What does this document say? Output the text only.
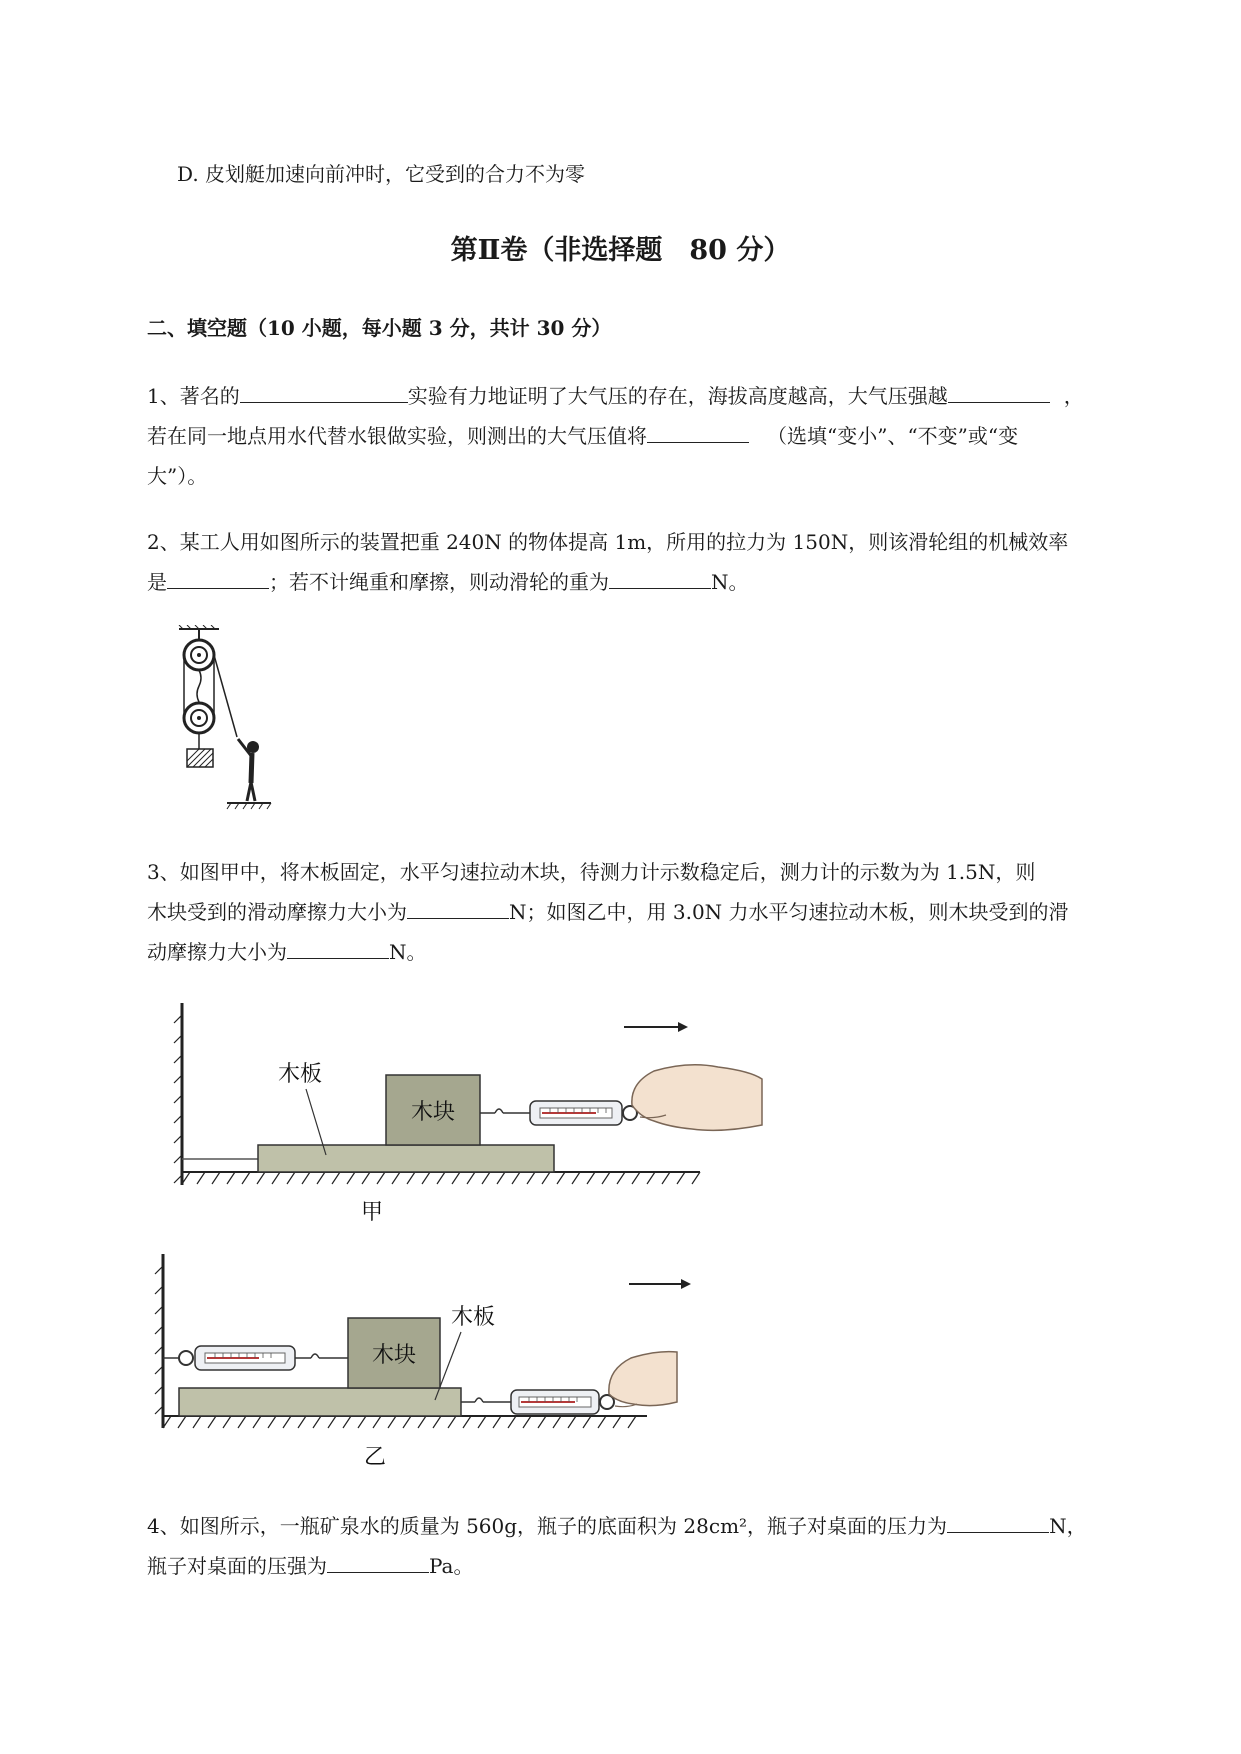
D. 皮划艇加速向前冲时，它受到的合力不为零
第Ⅱ卷（非选择题　80 分）
二、填空题（10 小题，每小题 3 分，共计 30 分）
1、著名的	实验有力地证明了大气压的存在，海拔高度越高，大气压强越	，
若在同一地点用水代替水银做实验，则测出的大气压值将	（选填“变小”、“不变”或“变
大”）。
2、某工人用如图所示的装置把重 240N 的物体提高 1m，所用的拉力为 150N，则该滑轮组的机械效率
是	；若不计绳重和摩擦，则动滑轮的重为	N。
3、如图甲中，将木板固定，水平匀速拉动木块，待测力计示数稳定后，测力计的示数为为 1.5N，则
木块受到的滑动摩擦力大小为	N；如图乙中，用 3.0N 力水平匀速拉动木板，则木块受到的滑
动摩擦力大小为	N。
木块
木板
甲
木块
木板
乙
4、如图所示，一瓶矿泉水的质量为 560g，瓶子的底面积为 28cm²，瓶子对桌面的压力为	N，
瓶子对桌面的压强为	Pa。
